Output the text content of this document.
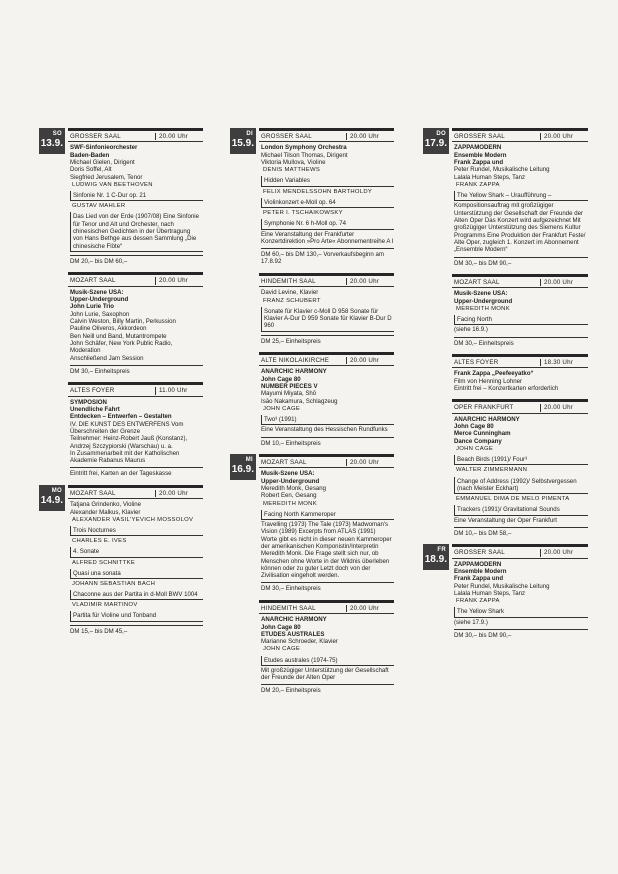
SO
13.9.
GROSSER SAAL	20.00 Uhr
SWF-Sinfonieorchester
Baden-Baden
Michael Gielen, Dirigent
Doris Soffel, Alt
Siegfried Jerusalem, Tenor
LUDWIG VAN BEETHOVEN
Sinfonie Nr. 1 C-Dur op. 21
GUSTAV MAHLER
Das Lied von der Erde (1907/08) Eine Sinfonie für Tenor und Alt und Orchester, nach chinesischen Gedichten in der Übertragung von Hans Bethge aus dessen Sammlung „Die chinesische Flöte“
DM 20,– bis DM 60,–
MOZART SAAL	20.00 Uhr
Musik-Szene USA:
Upper-Underground
John Lurie Trio
John Lurie, Saxophon
Calvin Weston, Billy Martin, Perkussion
Pauline Oliveros, Akkordeon
Ben Neill und Band, Mutantrompete
John Schäfer, New York Public Radio, Moderation
Anschließend Jam Session
DM 30,– Einheitspreis
ALTES FOYER	11.00 Uhr
SYMPOSION
Unendliche Fahrt
Entdecken – Entwerfen – Gestalten
IV. DIE KUNST DES ENTWERFENS Vom Überschreiten der Grenze
Teilnehmer: Heinz-Robert Jauß (Konstanz), Andrzej Szczypiorski (Warschau) u. a.
In Zusammenarbeit mit der Katholischen Akademie Rabanus Maurus
Eintritt frei, Karten an der Tageskasse
MO
14.9.
MOZART SAAL	20.00 Uhr
Tatjana Grindenko, Violine
Alexander Malkus, Klavier
ALEXANDER VASIL'YEVICH MOSSOLOV
Trois Nocturnes
CHARLES E. IVES
4. Sonate
ALFRED SCHNITTKE
Quasi una sonata
JOHANN SEBASTIAN BACH
Chaconne aus der Partita in d-Moll BWV 1004
VLADIMIR MARTINOV
Partita für Violine und Tonband
DM 15,– bis DM 45,–
DI
15.9.
GROSSER SAAL	20.00 Uhr
London Symphony Orchestra
Michael Tilson Thomas, Dirigent
Viktoria Mullova, Violine
DENIS MATTHEWS
Hidden Variables
FELIX MENDELSSOHN BARTHOLDY
Violinkonzert e-Moll op. 64
PETER I. TSCHAIKOWSKY
Symphonie Nr. 6 h-Moll op. 74
Eine Veranstaltung der Frankfurter Konzertdirektion »Pro Arte« Abonnementreihe A I
DM 60,– bis DM 130,– Vorverkaufsbeginn am 17.8.92
HINDEMITH SAAL	20.00 Uhr
David Levine, Klavier
FRANZ SCHUBERT
Sonate für Klavier c-Moll D 958 Sonate für Klavier A-Dur D 959 Sonate für Klavier B-Dur D 960
DM 25,– Einheitspreis
ALTE NIKOLAIKIRCHE	20.00 Uhr
ANARCHIC HARMONY
John Cage 80
NUMBER PIECES V
Mayumi Miyata, Shō
Isāo Nakamura, Schlagzeug
JOHN CAGE
Two³ (1991)
Eine Veranstaltung des Hessischen Rundfunks
DM 10,– Einheitspreis
MI
16.9.
MOZART SAAL	20.00 Uhr
Musik-Szene USA:
Upper-Underground
Meredith Monk, Gesang
Robert Een, Gesang
MEREDITH MONK
Facing North Kammeroper
Travelling (1973) The Tale (1973) Madwoman's Vision (1989) Excerpts from ATLAS (1991)
Worte gibt es nicht in dieser neuen Kammeroper der amerikanischen Komponistin/Interpretin Meredith Monk. Die Frage stellt sich nur, ob Menschen ohne Worte in der Wildnis überleben können oder zu guter Letzt doch von der Zivilisation eingeholt werden.
DM 30,– Einheitspreis
HINDEMITH SAAL	20.00 Uhr
ANARCHIC HARMONY
John Cage 80
ETUDES AUSTRALES
Marianne Schroeder, Klavier
JOHN CAGE
Etudes australes (1974-75)
Mit großzügiger Unterstützung der Gesellschaft der Freunde der Alten Oper
DM 20,– Einheitspreis
DO
17.9.
GROSSER SAAL	20.00 Uhr
ZAPPAMODERN
Ensemble Modern
Frank Zappa und
Peter Rundel, Musikalische Leitung
Lalala Human Steps, Tanz
FRANK ZAPPA
The Yellow Shark – Uraufführung –
Kompositionsauftrag mit großzügiger Unterstützung der Gesellschaft der Freunde der Alten Oper Das Konzert wird aufgezeichnet Mit großzügiger Unterstützung des Siemens Kultur Programms Eine Produktion der Frankfurt Feste/ Alte Oper, zugleich 1. Konzert im Abonnement „Ensemble Modern“
DM 30,– bis DM 90,–
MOZART SAAL	20.00 Uhr
Musik-Szene USA:
Upper-Underground
MEREDITH MONK
Facing North
(siehe 16.9.)
DM 30,– Einheitspreis
ALTES FOYER	18.30 Uhr
Frank Zappa „Peefeeyatko“
Film von Henning Lohner
Eintritt frei – Konzertkarten erforderlich
OPER FRANKFURT	20.00 Uhr
ANARCHIC HARMONY
John Cage 80
Merce Cunningham
Dance Company
JOHN CAGE
Beach Birds (1991)/ Four³
WALTER ZIMMERMANN
Change of Address (1992)/ Selbstvergessen (nach Meister Eckhart)
EMMANUEL DIMA DE MELO PIMENTA
Trackers (1991)/ Gravitational Sounds
Eine Veranstaltung der Oper Frankfurt
DM 10,– bis DM 58,–
FR
18.9.
GROSSER SAAL	20.00 Uhr
ZAPPAMODERN
Ensemble Modern
Frank Zappa und
Peter Rundel, Musikalische Leitung
Lalala Human Steps, Tanz
FRANK ZAPPA
The Yellow Shark
(siehe 17.9.)
DM 30,– bis DM 90,–
